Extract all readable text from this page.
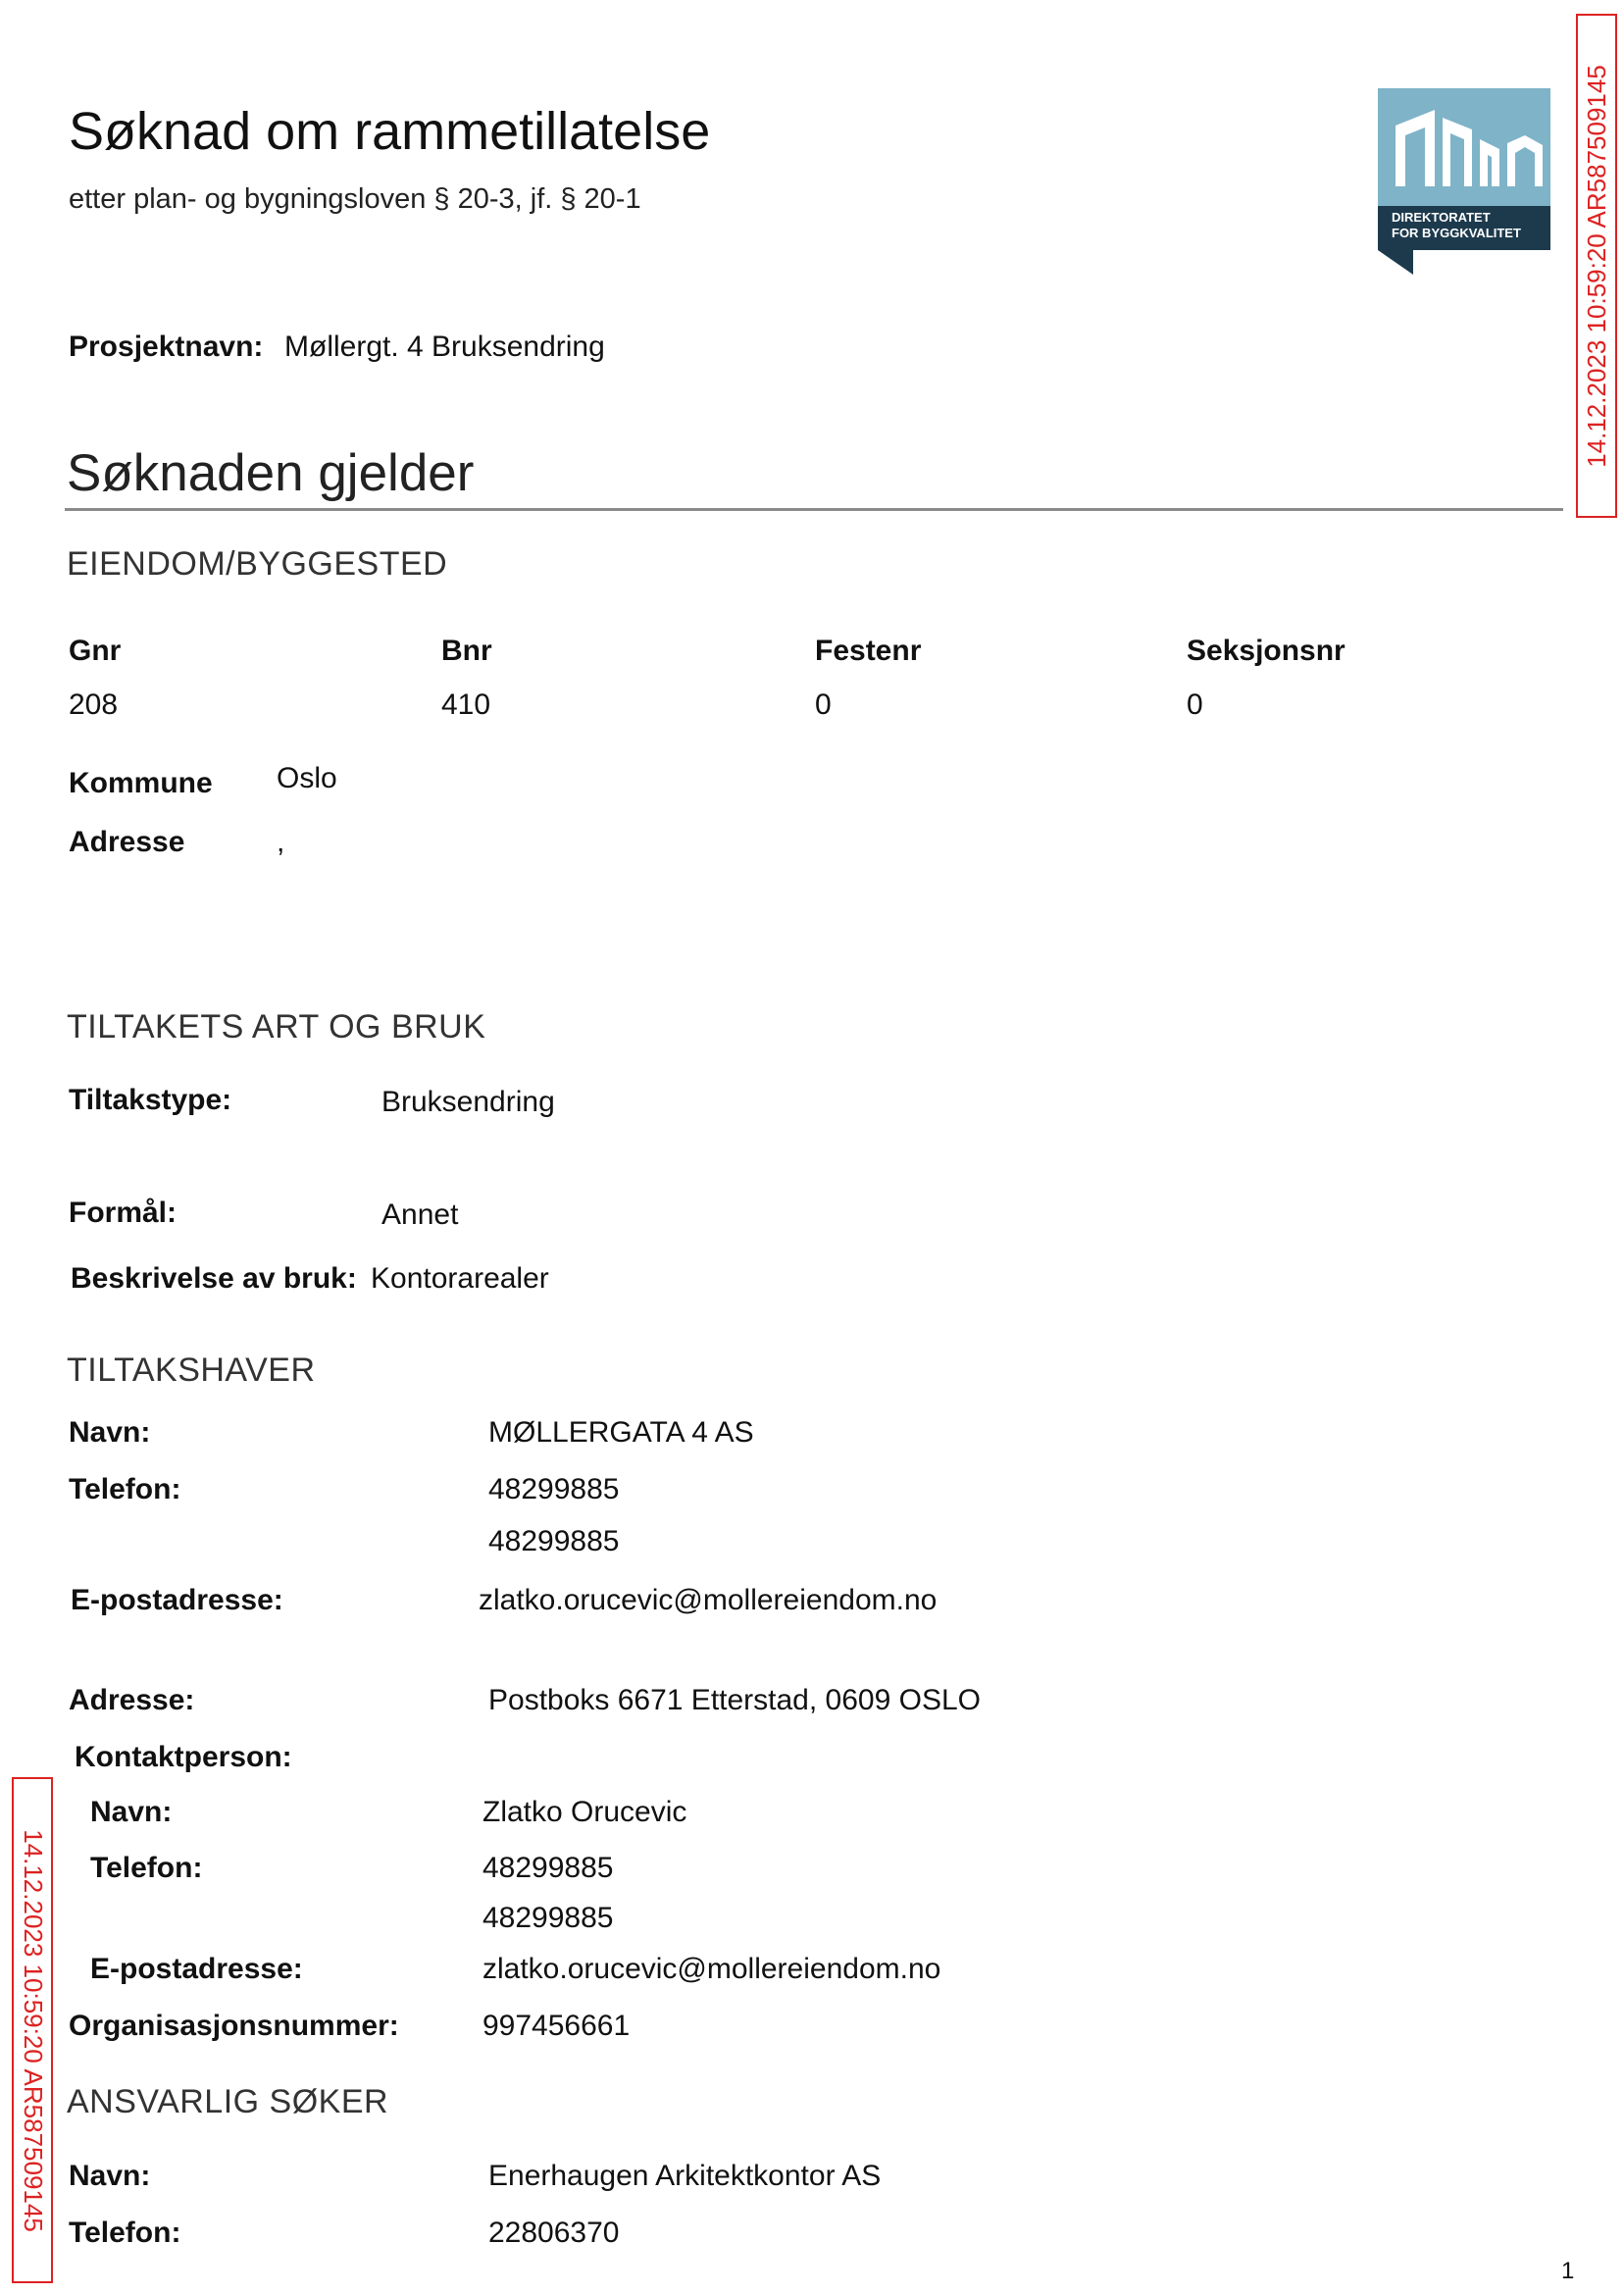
Søknad om rammetillatelse
etter plan- og bygningsloven § 20-3, jf. § 20-1
Prosjektnavn: Møllergt. 4 Bruksendring
DIREKTORATET
FOR BYGGKVALITET 14.12.2023 10:59:20 AR587509145
14.12.2023 10:59:20 AR587509145
Søknaden gjelder
EIENDOM/BYGGESTED
Gnr	Bnr	Festenr	Seksjonsnr
208	410	0	0
Kommune Oslo
Adresse	,
TILTAKETS ART OG BRUK
Tiltakstype:	Bruksendring
Formål:	Annet
Beskrivelse av bruk: Kontorarealer
TILTAKSHAVER
Navn:	MØLLERGATA 4 AS
Telefon:	48299885
48299885
E-postadresse:	zlatko.orucevic@mollereiendom.no
Adresse:	Postboks 6671 Etterstad, 0609 OSLO
Kontaktperson:
Navn:	Zlatko Orucevic
Telefon:	48299885
48299885
E-postadresse:	zlatko.orucevic@mollereiendom.no
Organisasjonsnummer:	997456661
ANSVARLIG SØKER
Navn:	Enerhaugen Arkitektkontor AS
Telefon:	22806370
1
